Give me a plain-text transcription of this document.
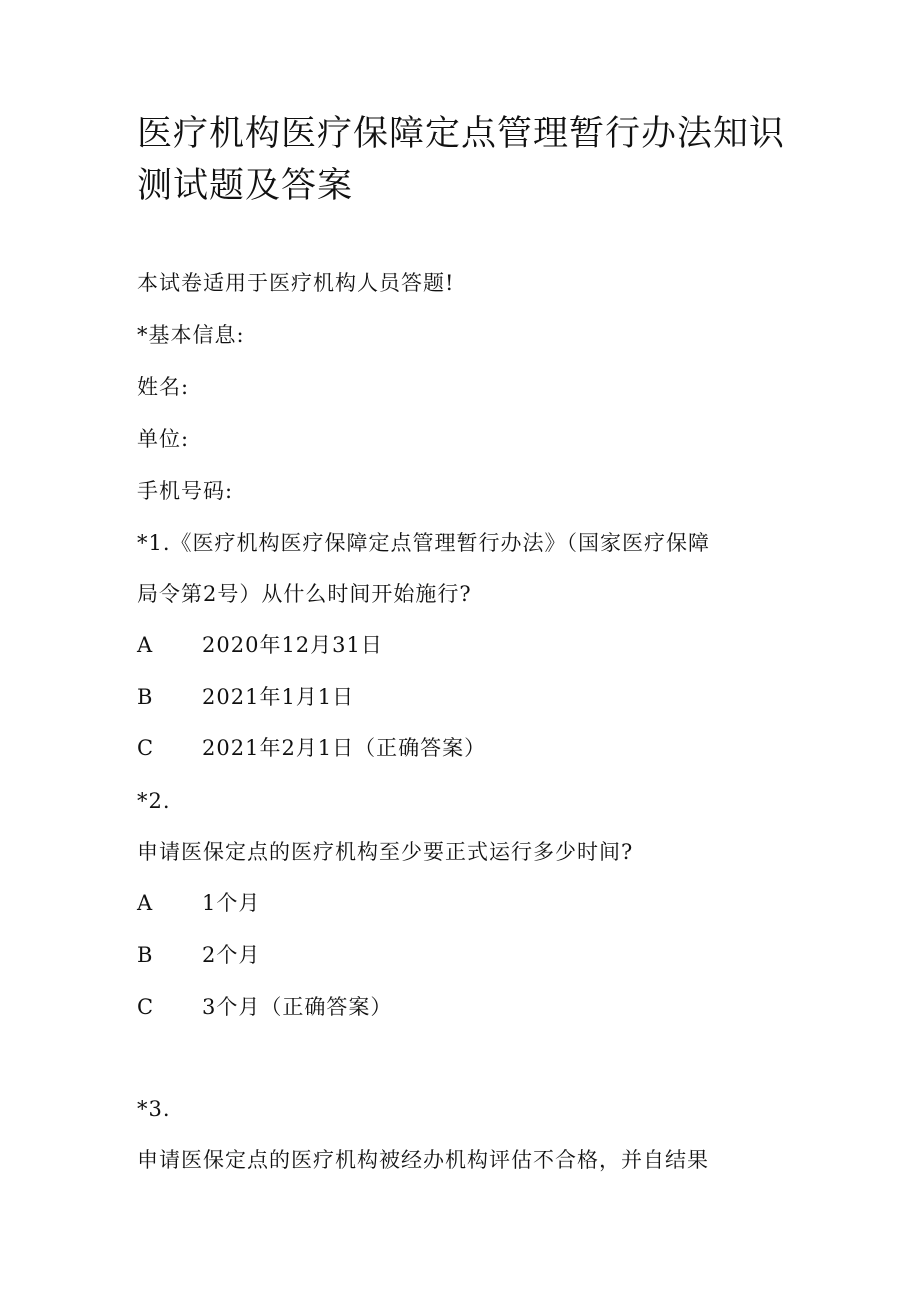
医疗机构医疗保障定点管理暂行办法知识测试题及答案
本试卷适用于医疗机构人员答题!
*基本信息:
姓名:
单位:
手机号码:
*1.《医疗机构医疗保障定点管理暂行办法》（国家医疗保障
局令第2号）从什么时间开始施行?
A 2020年12月31日
B 2021年1月1日
C 2021年2月1日（正确答案）
*2.
申请医保定点的医疗机构至少要正式运行多少时间?
A 1个月
B 2个月
C 3个月（正确答案）
*3.
申请医保定点的医疗机构被经办机构评估不合格，并自结果
